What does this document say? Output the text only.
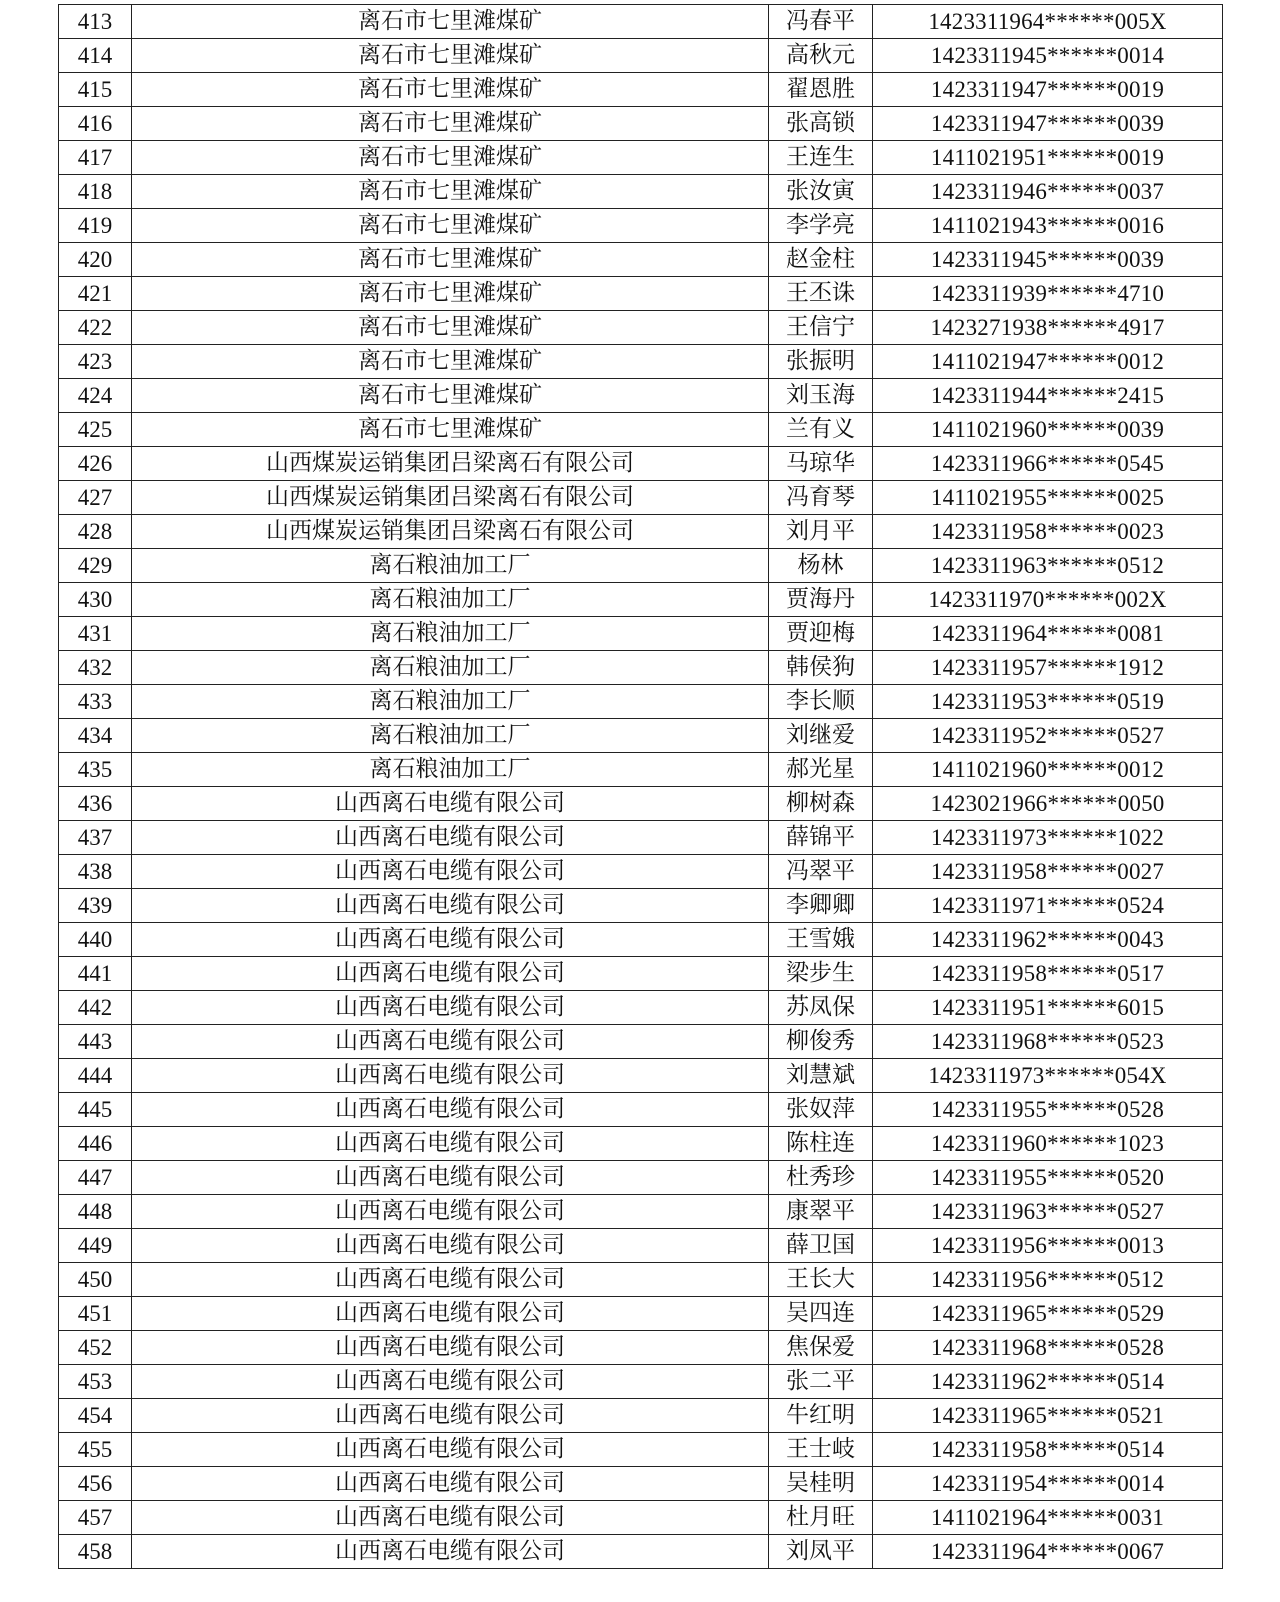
413	离石市七里滩煤矿	冯春平	1423311964******005X
414	离石市七里滩煤矿	高秋元	1423311945******0014
415	离石市七里滩煤矿	翟恩胜	1423311947******0019
416	离石市七里滩煤矿	张高锁	1423311947******0039
417	离石市七里滩煤矿	王连生	1411021951******0019
418	离石市七里滩煤矿	张汝寅	1423311946******0037
419	离石市七里滩煤矿	李学亮	1411021943******0016
420	离石市七里滩煤矿	赵金柱	1423311945******0039
421	离石市七里滩煤矿	王丕诛	1423311939******4710
422	离石市七里滩煤矿	王信宁	1423271938******4917
423	离石市七里滩煤矿	张振明	1411021947******0012
424	离石市七里滩煤矿	刘玉海	1423311944******2415
425	离石市七里滩煤矿	兰有义	1411021960******0039
426	山西煤炭运销集团吕梁离石有限公司	马琼华	1423311966******0545
427	山西煤炭运销集团吕梁离石有限公司	冯育琴	1411021955******0025
428	山西煤炭运销集团吕梁离石有限公司	刘月平	1423311958******0023
429	离石粮油加工厂	杨林	1423311963******0512
430	离石粮油加工厂	贾海丹	1423311970******002X
431	离石粮油加工厂	贾迎梅	1423311964******0081
432	离石粮油加工厂	韩侯狗	1423311957******1912
433	离石粮油加工厂	李长顺	1423311953******0519
434	离石粮油加工厂	刘继爱	1423311952******0527
435	离石粮油加工厂	郝光星	1411021960******0012
436	山西离石电缆有限公司	柳树森	1423021966******0050
437	山西离石电缆有限公司	薛锦平	1423311973******1022
438	山西离石电缆有限公司	冯翠平	1423311958******0027
439	山西离石电缆有限公司	李卿卿	1423311971******0524
440	山西离石电缆有限公司	王雪娥	1423311962******0043
441	山西离石电缆有限公司	梁步生	1423311958******0517
442	山西离石电缆有限公司	苏凤保	1423311951******6015
443	山西离石电缆有限公司	柳俊秀	1423311968******0523
444	山西离石电缆有限公司	刘慧斌	1423311973******054X
445	山西离石电缆有限公司	张奴萍	1423311955******0528
446	山西离石电缆有限公司	陈柱连	1423311960******1023
447	山西离石电缆有限公司	杜秀珍	1423311955******0520
448	山西离石电缆有限公司	康翠平	1423311963******0527
449	山西离石电缆有限公司	薛卫国	1423311956******0013
450	山西离石电缆有限公司	王长大	1423311956******0512
451	山西离石电缆有限公司	吴四连	1423311965******0529
452	山西离石电缆有限公司	焦保爱	1423311968******0528
453	山西离石电缆有限公司	张二平	1423311962******0514
454	山西离石电缆有限公司	牛红明	1423311965******0521
455	山西离石电缆有限公司	王士岐	1423311958******0514
456	山西离石电缆有限公司	吴桂明	1423311954******0014
457	山西离石电缆有限公司	杜月旺	1411021964******0031
458	山西离石电缆有限公司	刘凤平	1423311964******0067
